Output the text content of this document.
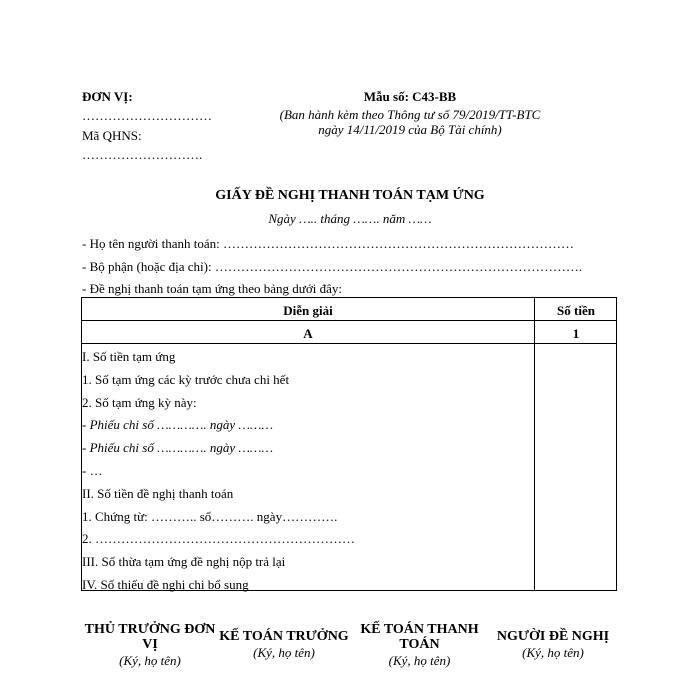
ĐƠN VỊ:
…………………………
Mã QHNS:
……………………….
Mẫu số: C43-BB
(Ban hành kèm theo Thông tư số 79/2019/TT-BTC
ngày 14/11/2019 của Bộ Tài chính)
GIẤY ĐỀ NGHỊ THANH TOÁN TẠM ỨNG
Ngày ….. tháng ……. năm ……
- Họ tên người thanh toán: ………………………………………………………………………
- Bộ phận (hoặc địa chỉ): ………………………………………………………………………….
- Đề nghị thanh toán tạm ứng theo bảng dưới đây:
Diễn giải	Số tiền
A	1
I. Số tiền tạm ứng
1. Số tạm ứng các kỳ trước chưa chi hết
2. Số tạm ứng kỳ này:
- Phiếu chi số …………. ngày ………
- Phiếu chi số …………. ngày ………
- …
II. Số tiền đề nghị thanh toán
1. Chứng từ: ……….. số………. ngày………….
2. ……………………………………………………
III. Số thừa tạm ứng đề nghị nộp trả lại
IV. Số thiếu đề nghị chi bổ sung
THỦ TRƯỞNG ĐƠN
VỊ
(Ký, họ tên)
KẾ TOÁN TRƯỞNG
(Ký, họ tên)
KẾ TOÁN THANH
TOÁN
(Ký, họ tên)
NGƯỜI ĐỀ NGHỊ
(Ký, họ tên)
